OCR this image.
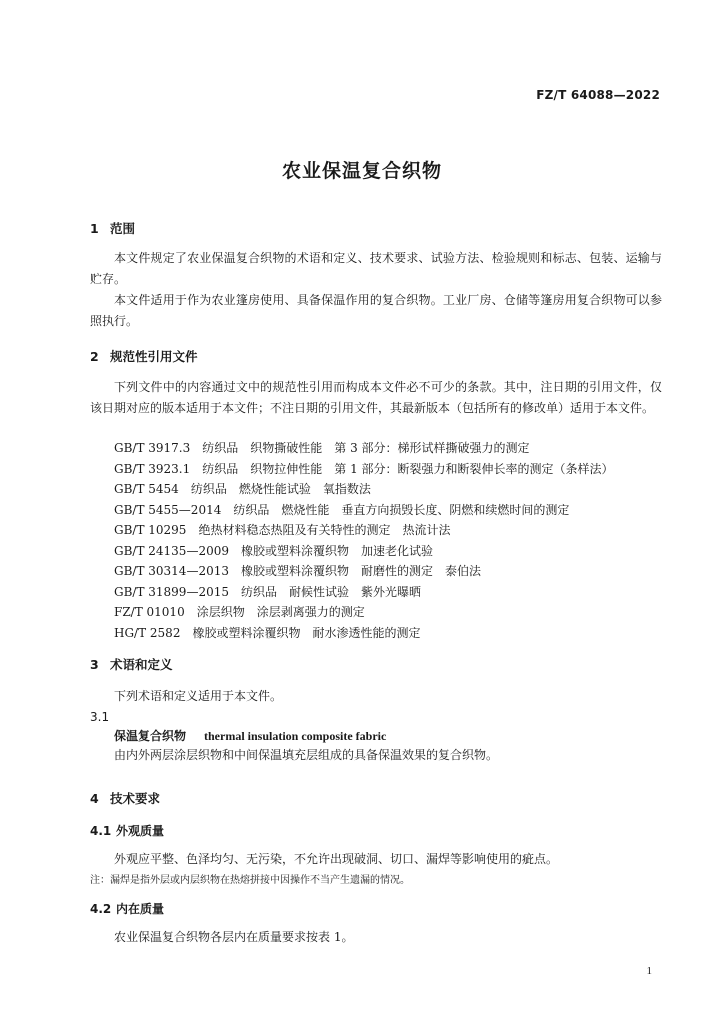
FZ/T 64088—2022
农业保温复合织物
1 范围

本文件规定了农业保温复合织物的术语和定义、技术要求、试验方法、检验规则和标志、包装、运输与贮存。

本文件适用于作为农业篷房使用、具备保温作用的复合织物。工业厂房、仓储等篷房用复合织物可以参照执行。

2 规范性引用文件

下列文件中的内容通过文中的规范性引用而构成本文件必不可少的条款。其中，注日期的引用文件，仅该日期对应的版本适用于本文件；不注日期的引用文件，其最新版本（包括所有的修改单）适用于本文件。

GB/T 3917.3　 纺织品　织物撕破性能　第 3 部分：梯形试样撕破强力的测定
GB/T 3923.1　 纺织品　织物拉伸性能　第 1 部分：断裂强力和断裂伸长率的测定（条样法）
GB/T 5454　 纺织品　燃烧性能试验　氧指数法
GB/T 5455—2014　 纺织品　燃烧性能　垂直方向损毁长度、阴燃和续燃时间的测定
GB/T 10295　 绝热材料稳态热阻及有关特性的测定　热流计法
GB/T 24135—2009　 橡胶或塑料涂覆织物　加速老化试验
GB/T 30314—2013　 橡胶或塑料涂覆织物　耐磨性的测定　泰伯法
GB/T 31899—2015　 纺织品　耐候性试验　紫外光曝晒
FZ/T 01010　 涂层织物　涂层剥离强力的测定
HG/T 2582　 橡胶或塑料涂覆织物　耐水渗透性能的测定
3 术语和定义
下列术语和定义适用于本文件。
3.1
保温复合织物 thermal insulation composite fabric
由内外两层涂层织物和中间保温填充层组成的具备保温效果的复合织物。
4 技术要求
4.1 外观质量
外观应平整、色泽均匀、无污染，不允许出现破洞、切口、漏焊等影响使用的疵点。
注：漏焊是指外层或内层织物在热熔拼接中因操作不当产生遗漏的情况。
4.2 内在质量
农业保温复合织物各层内在质量要求按表 1。
1
